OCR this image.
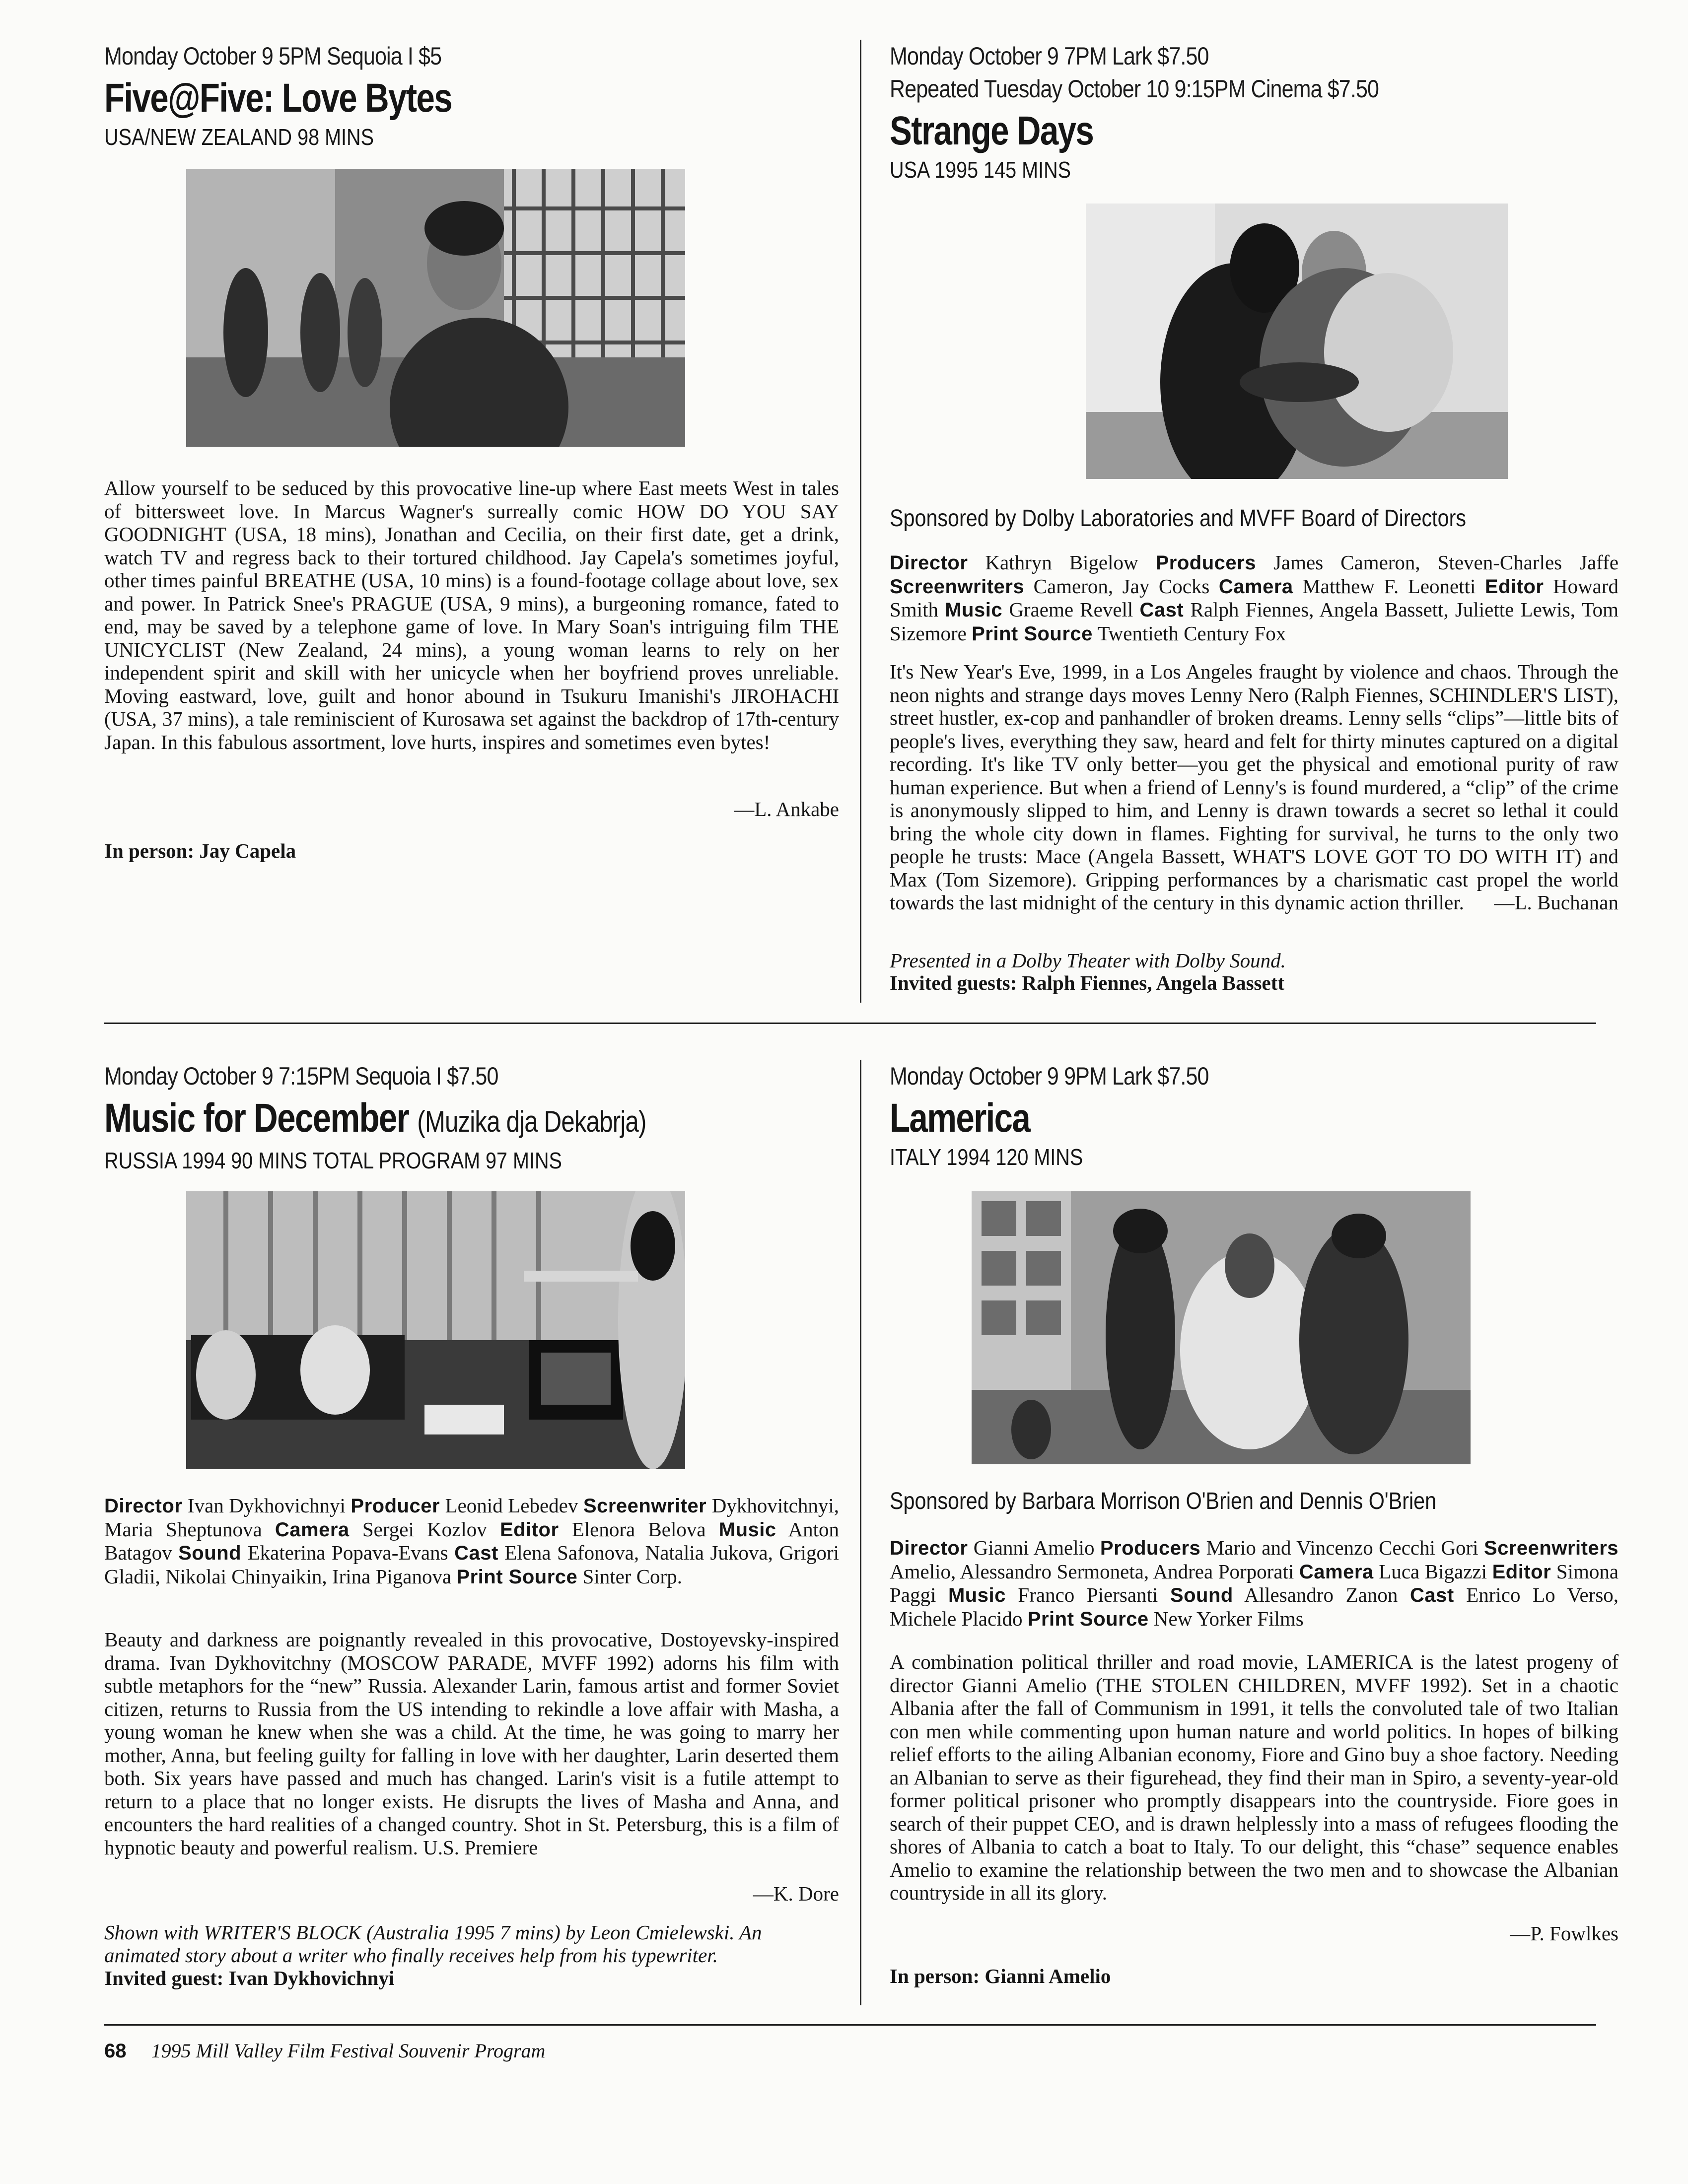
Monday October 9 5PM Sequoia I $5
Five@Five: Love Bytes
USA/NEW ZEALAND 98 MINS
Allow yourself to be seduced by this provocative line-up where East meets West in tales of bittersweet love. In Marcus Wagner's surreally comic HOW DO YOU SAY GOODNIGHT (USA, 18 mins), Jonathan and Cecilia, on their first date, get a drink, watch TV and regress back to their tortured childhood. Jay Capela's sometimes joyful, other times painful BREATHE (USA, 10 mins) is a found-footage collage about love, sex and power. In Patrick Snee's PRAGUE (USA, 9 mins), a burgeoning romance, fated to end, may be saved by a telephone game of love. In Mary Soan's intriguing film THE UNICYCLIST (New Zealand, 24 mins), a young woman learns to rely on her independent spirit and skill with her unicycle when her boyfriend proves unreliable. Moving eastward, love, guilt and honor abound in Tsukuru Imanishi's JIROHACHI (USA, 37 mins), a tale reminiscient of Kurosawa set against the backdrop of 17th-century Japan. In this fabulous assortment, love hurts, inspires and sometimes even bytes!
—L. Ankabe
In person: Jay Capela
Monday October 9 7PM Lark $7.50
Repeated Tuesday October 10 9:15PM Cinema $7.50
Strange Days
USA 1995 145 MINS
Sponsored by Dolby Laboratories and MVFF Board of Directors
Director Kathryn Bigelow Producers James Cameron, Steven-Charles Jaffe Screenwriters Cameron, Jay Cocks Camera Matthew F. Leonetti Editor Howard Smith Music Graeme Revell Cast Ralph Fiennes, Angela Bassett, Juliette Lewis, Tom Sizemore Print Source Twentieth Century Fox
It's New Year's Eve, 1999, in a Los Angeles fraught by violence and chaos. Through the neon nights and strange days moves Lenny Nero (Ralph Fiennes, SCHINDLER'S LIST), street hustler, ex-cop and panhandler of broken dreams. Lenny sells “clips”—little bits of people's lives, everything they saw, heard and felt for thirty minutes captured on a digital recording. It's like TV only better—you get the physical and emotional purity of raw human experience. But when a friend of Lenny's is found murdered, a “clip” of the crime is anonymously slipped to him, and Lenny is drawn towards a secret so lethal it could bring the whole city down in flames. Fighting for survival, he turns to the only two people he trusts: Mace (Angela Bassett, WHAT'S LOVE GOT TO DO WITH IT) and Max (Tom Sizemore). Gripping performances by a charismatic cast propel the world towards the last midnight of the century in this dynamic action thriller. —L. Buchanan
Presented in a Dolby Theater with Dolby Sound.
Invited guests: Ralph Fiennes, Angela Bassett
Monday October 9 7:15PM Sequoia I $7.50
Music for December (Muzika dja Dekabrja)
RUSSIA 1994 90 MINS TOTAL PROGRAM 97 MINS
Director Ivan Dykhovichnyi Producer Leonid Lebedev Screenwriter Dykhovitchnyi, Maria Sheptunova Camera Sergei Kozlov Editor Elenora Belova Music Anton Batagov Sound Ekaterina Popava-Evans Cast Elena Safonova, Natalia Jukova, Grigori Gladii, Nikolai Chinyaikin, Irina Piganova Print Source Sinter Corp.
Beauty and darkness are poignantly revealed in this provocative, Dostoyevsky-inspired drama. Ivan Dykhovitchny (MOSCOW PARADE, MVFF 1992) adorns his film with subtle metaphors for the “new” Russia. Alexander Larin, famous artist and former Soviet citizen, returns to Russia from the US intending to rekindle a love affair with Masha, a young woman he knew when she was a child. At the time, he was going to marry her mother, Anna, but feeling guilty for falling in love with her daughter, Larin deserted them both. Six years have passed and much has changed. Larin's visit is a futile attempt to return to a place that no longer exists. He disrupts the lives of Masha and Anna, and encounters the hard realities of a changed country. Shot in St. Petersburg, this is a film of hypnotic beauty and powerful realism. U.S. Premiere
—K. Dore
Shown with WRITER'S BLOCK (Australia 1995 7 mins) by Leon Cmielewski. An animated story about a writer who finally receives help from his typewriter.
Invited guest: Ivan Dykhovichnyi
Monday October 9 9PM Lark $7.50
Lamerica
ITALY 1994 120 MINS
Sponsored by Barbara Morrison O'Brien and Dennis O'Brien
Director Gianni Amelio Producers Mario and Vincenzo Cecchi Gori Screenwriters Amelio, Alessandro Sermoneta, Andrea Porporati Camera Luca Bigazzi Editor Simona Paggi Music Franco Piersanti Sound Allesandro Zanon Cast Enrico Lo Verso, Michele Placido Print Source New Yorker Films
A combination political thriller and road movie, LAMERICA is the latest progeny of director Gianni Amelio (THE STOLEN CHILDREN, MVFF 1992). Set in a chaotic Albania after the fall of Communism in 1991, it tells the convoluted tale of two Italian con men while commenting upon human nature and world politics. In hopes of bilking relief efforts to the ailing Albanian economy, Fiore and Gino buy a shoe factory. Needing an Albanian to serve as their figurehead, they find their man in Spiro, a seventy-year-old former political prisoner who promptly disappears into the countryside. Fiore goes in search of their puppet CEO, and is drawn helplessly into a mass of refugees flooding the shores of Albania to catch a boat to Italy. To our delight, this “chase” sequence enables Amelio to examine the relationship between the two men and to showcase the Albanian countryside in all its glory.
—P. Fowlkes
In person: Gianni Amelio
68 1995 Mill Valley Film Festival Souvenir Program
